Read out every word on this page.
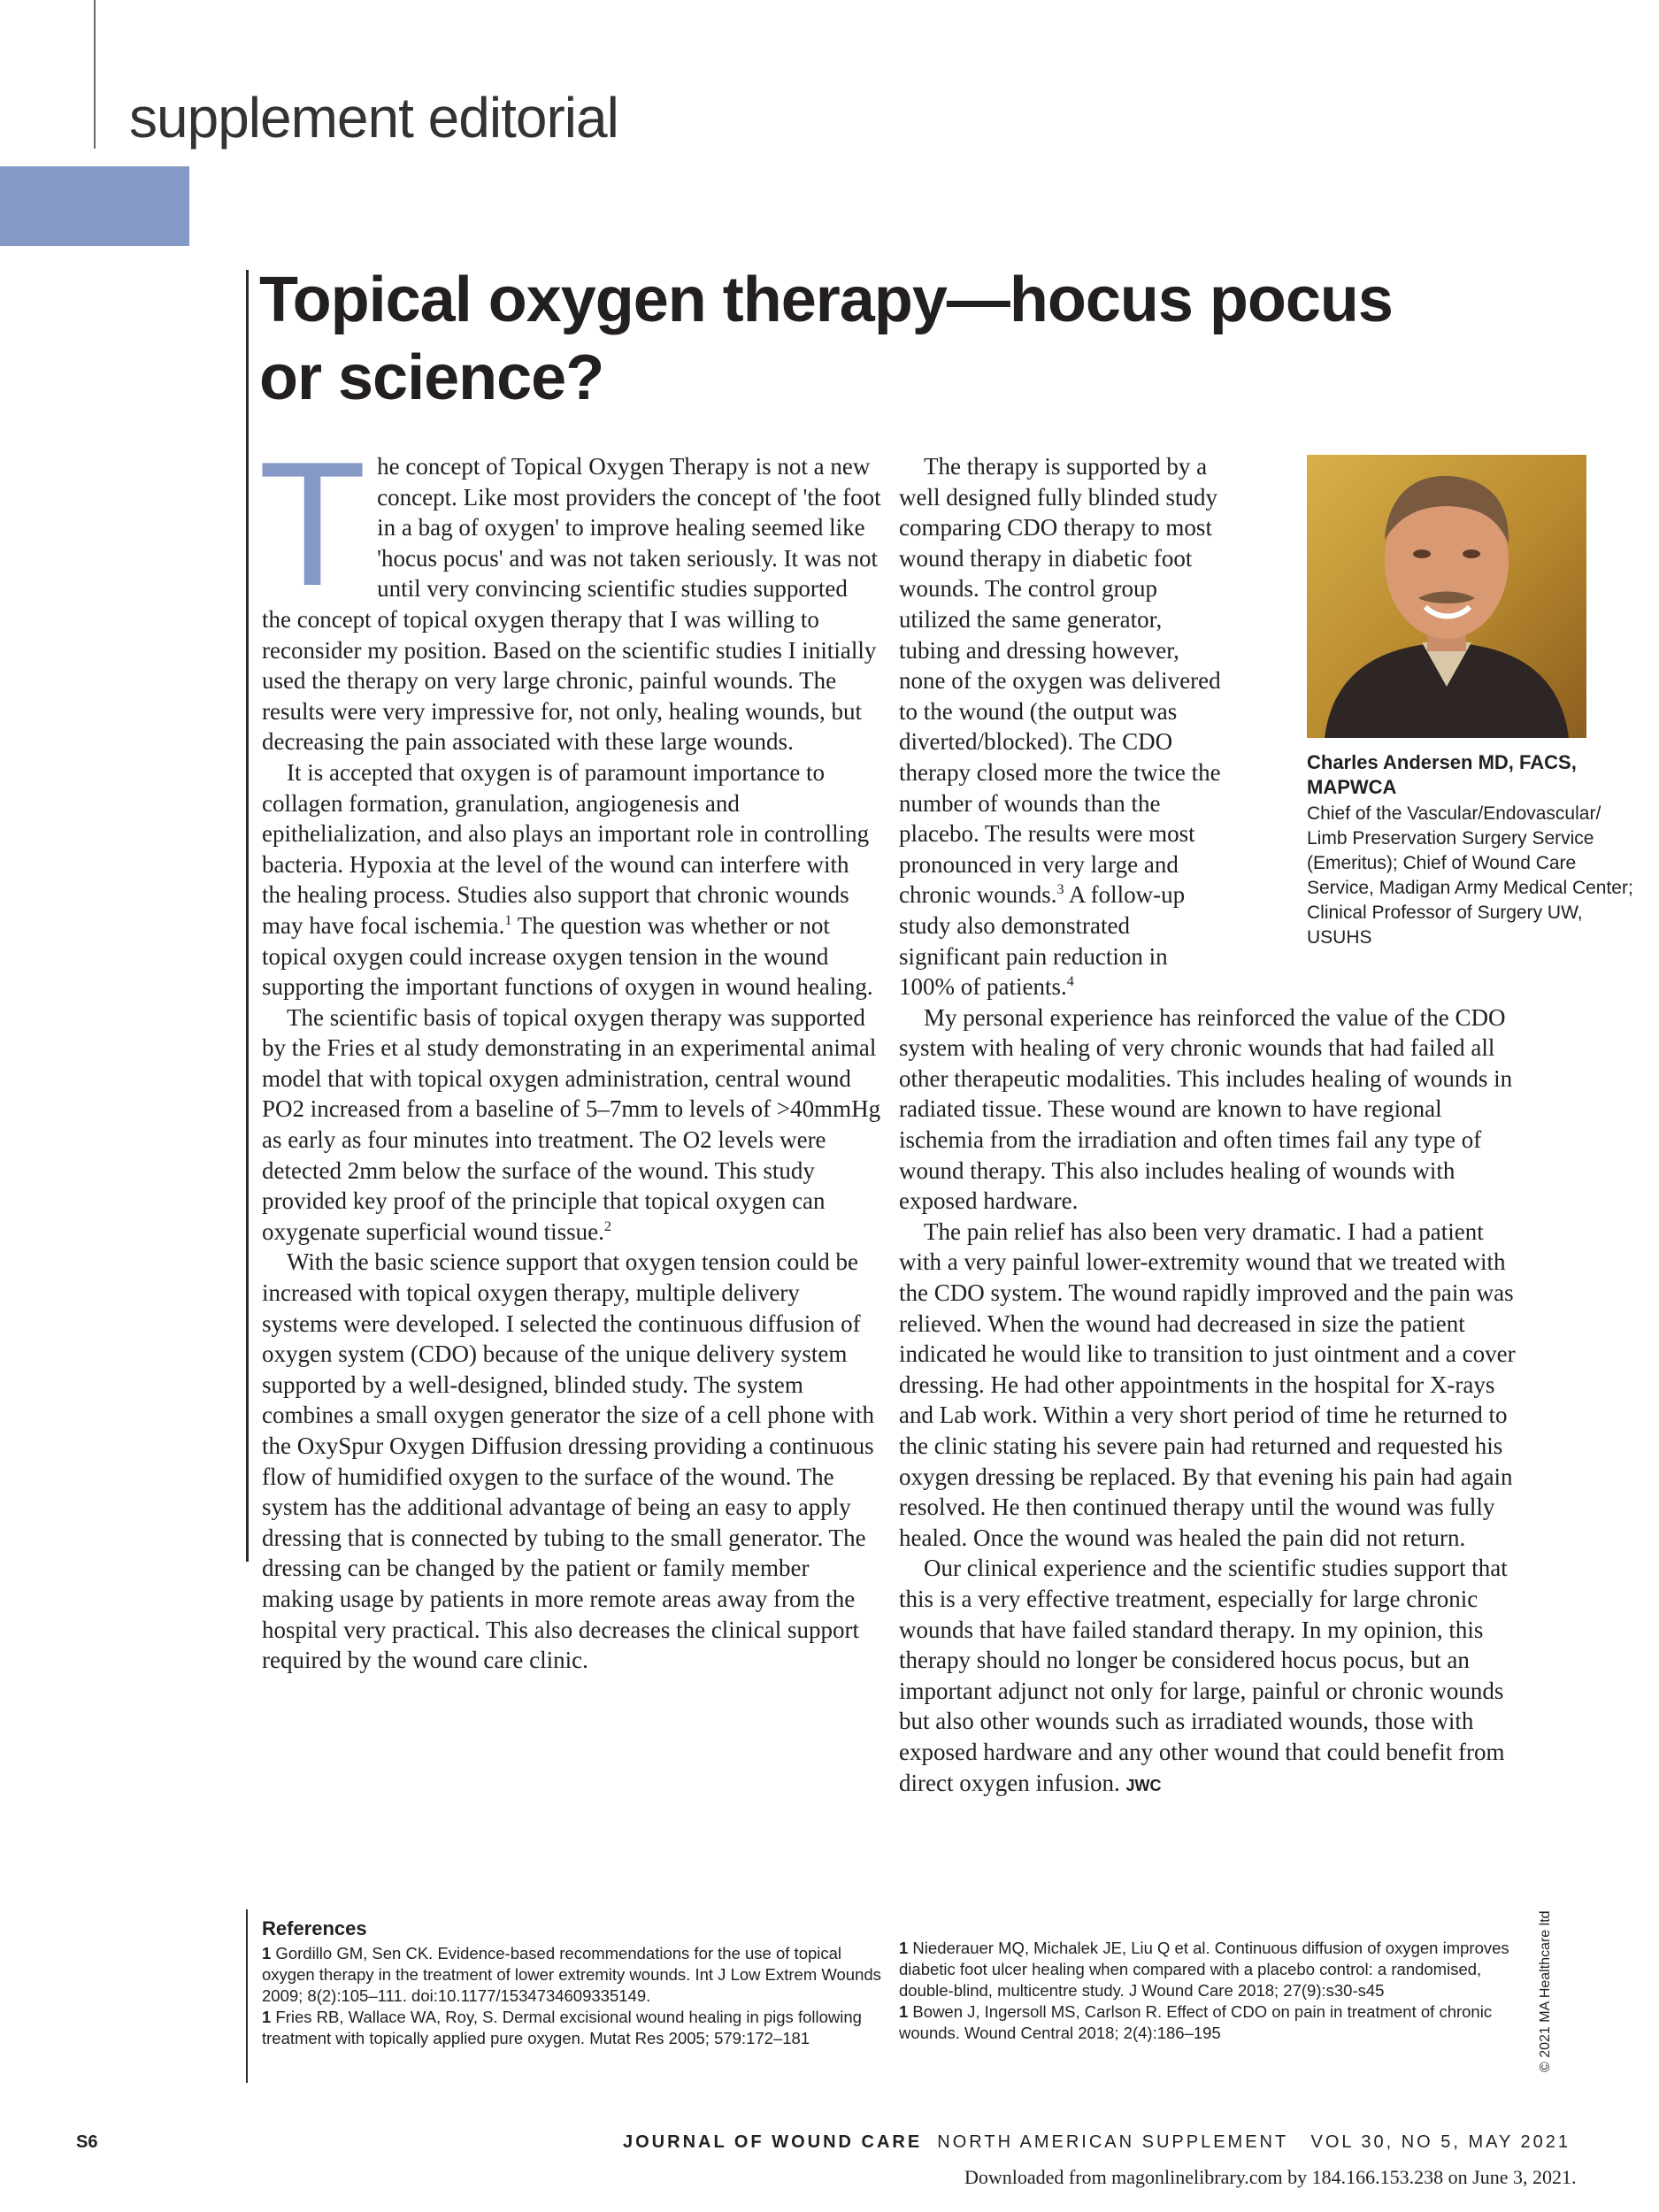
supplement editorial
Topical oxygen therapy—hocus pocus or science?

The concept of Topical Oxygen Therapy is not a new concept. Like most providers the concept of 'the foot in a bag of oxygen' to improve healing seemed like 'hocus pocus' and was not taken seriously. It was not until very convincing scientific studies supported the concept of topical oxygen therapy that I was willing to reconsider my position. Based on the scientific studies I initially used the therapy on very large chronic, painful wounds. The results were very impressive for, not only, healing wounds, but decreasing the pain associated with these large wounds.

It is accepted that oxygen is of paramount importance to collagen formation, granulation, angiogenesis and epithelialization, and also plays an important role in controlling bacteria. Hypoxia at the level of the wound can interfere with the healing process. Studies also support that chronic wounds may have focal ischemia.$^1$ The question was whether or not topical oxygen could increase oxygen tension in the wound supporting the important functions of oxygen in wound healing.

The scientific basis of topical oxygen therapy was supported by the Fries et al study demonstrating in an experimental animal model that with topical oxygen administration, central wound PO2 increased from a baseline of 5–7mm to levels of >40mmHg as early as four minutes into treatment. The O2 levels were detected 2mm below the surface of the wound. This study provided key proof of the principle that topical oxygen can oxygenate superficial wound tissue.$^2$

With the basic science support that oxygen tension could be increased with topical oxygen therapy, multiple delivery systems were developed. I selected the continuous diffusion of oxygen system (CDO) because of the unique delivery system supported by a well-designed, blinded study. The system combines a small oxygen generator the size of a cell phone with the OxySpur Oxygen Diffusion dressing providing a continuous flow of humidified oxygen to the surface of the wound. The system has the additional advantage of being an easy to apply dressing that is connected by tubing to the small generator. The dressing can be changed by the patient or family member making usage by patients in more remote areas away from the hospital very practical. This also decreases the clinical support required by the wound care clinic.

The therapy is supported by a
well designed fully blinded study
comparing CDO therapy to most
wound therapy in diabetic foot
wounds. The control group
utilized the same generator,
tubing and dressing however,
none of the oxygen was delivered
to the wound (the output was
diverted/blocked). The CDO
therapy closed more the twice the
number of wounds than the
placebo. The results were most
pronounced in very large and
chronic wounds.$^3$ A follow-up
study also demonstrated
significant pain reduction in
100% of patients.$^4$

My personal experience has reinforced the value of the CDO system with healing of very chronic wounds that had failed all other therapeutic modalities. This includes healing of wounds in radiated tissue. These wound are known to have regional ischemia from the irradiation and often times fail any type of wound therapy. This also includes healing of wounds with exposed hardware.

The pain relief has also been very dramatic. I had a patient with a very painful lower-extremity wound that we treated with the CDO system. The wound rapidly improved and the pain was relieved. When the wound had decreased in size the patient indicated he would like to transition to just ointment and a cover dressing. He had other appointments in the hospital for X-rays and Lab work. Within a very short period of time he returned to the clinic stating his severe pain had returned and requested his oxygen dressing be replaced. By that evening his pain had again resolved. He then continued therapy until the wound was fully healed. Once the wound was healed the pain did not return.

Our clinical experience and the scientific studies support that this is a very effective treatment, especially for large chronic wounds that have failed standard therapy. In my opinion, this therapy should no longer be considered hocus pocus, but an important adjunct not only for large, painful or chronic wounds but also other wounds such as irradiated wounds, those with exposed hardware and any other wound that could benefit from direct oxygen infusion. JWC

Charles Andersen MD, FACS, MAPWCA
Chief of the Vascular/Endovascular/ Limb Preservation Surgery Service (Emeritus); Chief of Wound Care Service, Madigan Army Medical Center; Clinical Professor of Surgery UW, USUHS
References

1 Gordillo GM, Sen CK. Evidence-based recommendations for the use of topical oxygen therapy in the treatment of lower extremity wounds. Int J Low Extrem Wounds 2009; 8(2):105–111. doi:10.1177/1534734609335149.

1 Fries RB, Wallace WA, Roy, S. Dermal excisional wound healing in pigs following treatment with topically applied pure oxygen. Mutat Res 2005; 579:172–181

1 Niederauer MQ, Michalek JE, Liu Q et al. Continuous diffusion of oxygen improves diabetic foot ulcer healing when compared with a placebo control: a randomised, double-blind, multicentre study. J Wound Care 2018; 27(9):s30-s45

1 Bowen J, Ingersoll MS, Carlson R. Effect of CDO on pain in treatment of chronic wounds. Wound Central 2018; 2(4):186–195	© 2021 MA Healthcare ltd
S6	JOURNAL OF WOUND CARE  NORTH AMERICAN SUPPLEMENT   VOL 30, NO 5, MAY 2021
Downloaded from magonlinelibrary.com by 184.166.153.238 on June 3, 2021.
